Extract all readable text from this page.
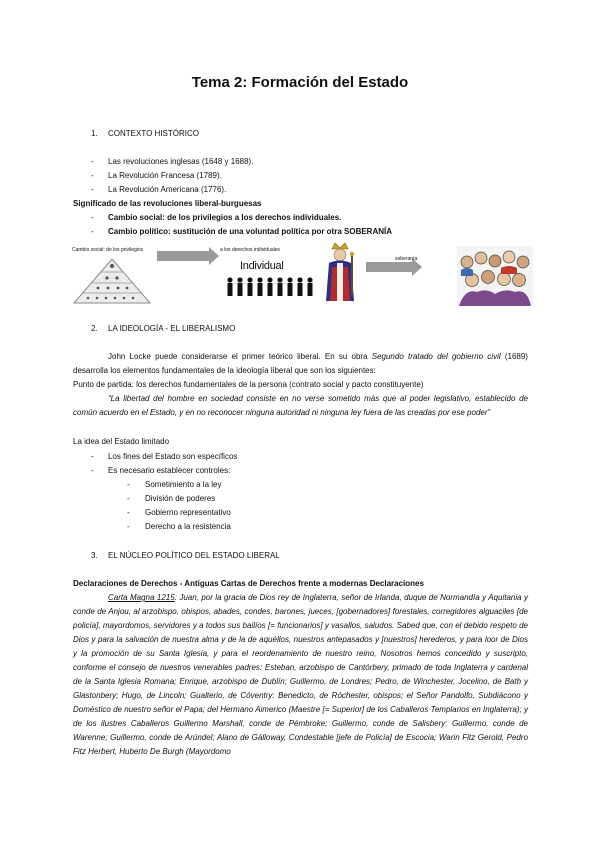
Tema 2: Formación del Estado
1. CONTEXTO HISTÓRICO
- Las revoluciones inglesas (1648 y 1688).
- La Revolución Francesa (1789).
- La Revolución Americana (1776).
Significado de las revoluciones liberal-burguesas
- Cambio social: de los privilegios a los derechos individuales.
- Cambio político: sustitución de una voluntad política por otra SOBERANÍA
Cambio social: de los privilegios	a los derechos individuales
Individual
soberanía
2. LA IDEOLOGÍA - EL LIBERALISMO
John Locke puede considerarse el primer teórico liberal. En su obra Segundo tratado del gobierno civil (1689) desarrolla los elementos fundamentales de la ideología liberal que son los siguientes:
Punto de partida: los derechos fundamentales de la persona (contrato social y pacto constituyente)
“La libertad del hombre en sociedad consiste en no verse sometido más que al poder legislativo, establecido de común acuerdo en el Estado, y en no reconocer ninguna autoridad ni ninguna ley fuera de las creadas por ese poder”
La idea del Estado limitado
- Los fines del Estado son específicos
- Es necesario establecer controles:
- Sometimiento a la ley
- División de poderes
- Gobierno representativo
- Derecho a la resistencia
3. EL NÚCLEO POLÍTICO DEL ESTADO LIBERAL
Declaraciones de Derechos - Antiguas Cartas de Derechos frente a modernas Declaraciones
Carta Magna 1215: Juan, por la gracia de Dios rey de Inglaterra, señor de Irlanda, duque de Normandía y Aquitania y conde de Anjou, al arzobispo, obispos, abades, condes, barones, jueces, [gobernadores] forestales, corregidores alguaciles [de policía], mayordomos, servidores y a todos sus bailíos [= funcionarios] y vasallos, saludos. Sabed que, con el debido respeto de Dios y para la salvación de nuestra alma y de la de aquéllos, nuestros antepasados y [nuestros] herederos, y para loor de Dios y la promoción de su Santa Iglesia, y para el reordenamiento de nuestro reino, Nosotros hemos concedido y suscripto, conforme el consejo de nuestros venerables padres: Esteban, arzobispo de Cantórbery, primado de toda Inglaterra y cardenal de la Santa Iglesia Romana; Enrique, arzobispo de Dublín; Guillermo, de Londres; Pedro, de Winchester, Jocelino, de Bath y Glastonbery; Hugo, de Lincoln; Gualterio, de Cóventry: Benedicto, de Róchester, obispos; el Señor Pandolfo, Subdiácono y Doméstico de nuestro señor el Papa; del Hermano Aimerico (Maestre [= Superior] de los Caballeros Templarios en Inglaterra); y de los ilustres Caballeros Guillermo Marshall, conde de Pémbroke; Guillermo, conde de Salisbery: Guillermo, conde de Warenne; Guillermo, conde de Arúndel; Alano de Gálloway, Condestable [jefe de Policía] de Escocia; Warin Fitz Gerold, Pedro Fitz Herbert, Huberto De Burgh (Mayordomo
